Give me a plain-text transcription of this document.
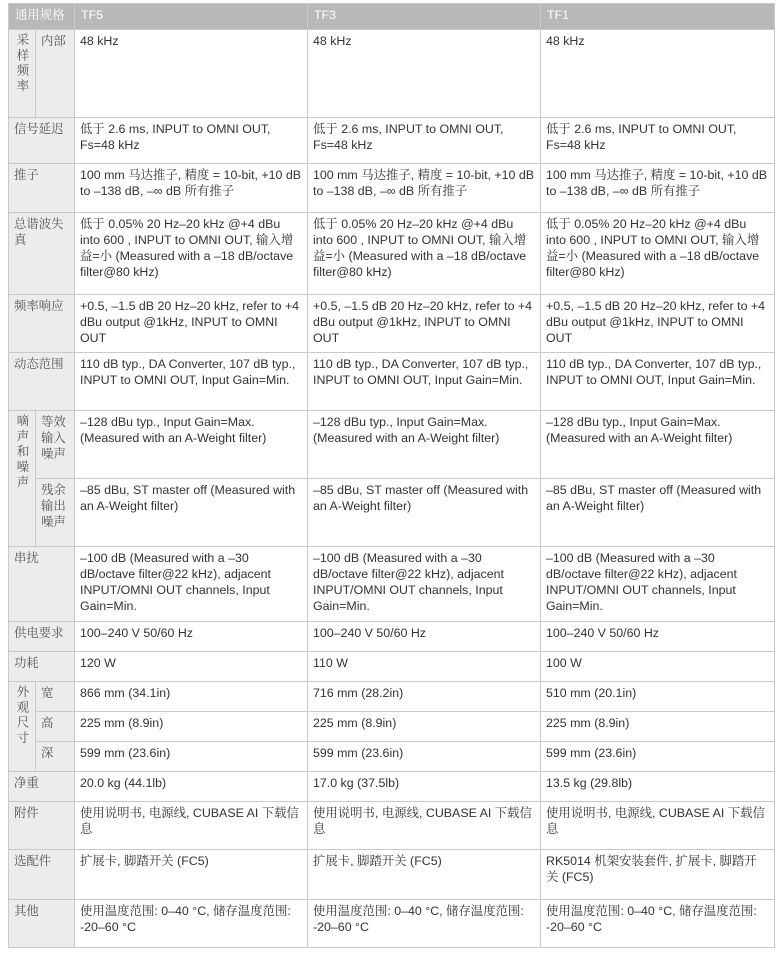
通用规格		TF5	TF3	TF1
采样频率	内部	48 kHz	48 kHz	48 kHz
信号延迟		低于 2.6 ms, INPUT to OMNI OUT, Fs=48 kHz	低于 2.6 ms, INPUT to OMNI OUT, Fs=48 kHz	低于 2.6 ms, INPUT to OMNI OUT, Fs=48 kHz
推子		100 mm 马达推子, 精度 = 10-bit, +10 dB to –138 dB, –∞ dB 所有推子	100 mm 马达推子, 精度 = 10-bit, +10 dB to –138 dB, –∞ dB 所有推子	100 mm 马达推子, 精度 = 10-bit, +10 dB to –138 dB, –∞ dB 所有推子
总谐波失真		低于 0.05% 20 Hz–20 kHz @+4 dBu into 600 , INPUT to OMNI OUT, 输入增益=小 (Measured with a –18 dB/octave filter@80 kHz)	低于 0.05% 20 Hz–20 kHz @+4 dBu into 600 , INPUT to OMNI OUT, 输入增益=小 (Measured with a –18 dB/octave filter@80 kHz)	低于 0.05% 20 Hz–20 kHz @+4 dBu into 600 , INPUT to OMNI OUT, 输入增益=小 (Measured with a –18 dB/octave filter@80 kHz)
频率响应		+0.5, –1.5 dB 20 Hz–20 kHz, refer to +4 dBu output @1kHz, INPUT to OMNI OUT	+0.5, –1.5 dB 20 Hz–20 kHz, refer to +4 dBu output @1kHz, INPUT to OMNI OUT	+0.5, –1.5 dB 20 Hz–20 kHz, refer to +4 dBu output @1kHz, INPUT to OMNI OUT
动态范围		110 dB typ., DA Converter, 107 dB typ., INPUT to OMNI OUT, Input Gain=Min.	110 dB typ., DA Converter, 107 dB typ., INPUT to OMNI OUT, Input Gain=Min.	110 dB typ., DA Converter, 107 dB typ., INPUT to OMNI OUT, Input Gain=Min.
嘀声和噪声	等效输入噪声	–128 dBu typ., Input Gain=Max. (Measured with an A-Weight filter)	–128 dBu typ., Input Gain=Max. (Measured with an A-Weight filter)	–128 dBu typ., Input Gain=Max. (Measured with an A-Weight filter)
	残余输出噪声	–85 dBu, ST master off (Measured with an A-Weight filter)	–85 dBu, ST master off (Measured with an A-Weight filter)	–85 dBu, ST master off (Measured with an A-Weight filter)
串扰		–100 dB (Measured with a –30 dB/octave filter@22 kHz), adjacent INPUT/OMNI OUT channels, Input Gain=Min.	–100 dB (Measured with a –30 dB/octave filter@22 kHz), adjacent INPUT/OMNI OUT channels, Input Gain=Min.	–100 dB (Measured with a –30 dB/octave filter@22 kHz), adjacent INPUT/OMNI OUT channels, Input Gain=Min.
供电要求		100–240 V 50/60 Hz	100–240 V 50/60 Hz	100–240 V 50/60 Hz
功耗		120 W	110 W	100 W
外观尺寸	宽	866 mm (34.1in)	716 mm (28.2in)	510 mm (20.1in)
	高	225 mm (8.9in)	225 mm (8.9in)	225 mm (8.9in)
	深	599 mm (23.6in)	599 mm (23.6in)	599 mm (23.6in)
净重		20.0 kg (44.1lb)	17.0 kg (37.5lb)	13.5 kg (29.8lb)
附件		使用说明书, 电源线, CUBASE AI 下载信息	使用说明书, 电源线, CUBASE AI 下载信息	使用说明书, 电源线, CUBASE AI 下载信息
选配件		扩展卡, 脚踏开关 (FC5)	扩展卡, 脚踏开关 (FC5)	RK5014 机架安装套件, 扩展卡, 脚踏开关 (FC5)
其他		使用温度范围: 0–40 °C, 储存温度范围: -20–60 °C	使用温度范围: 0–40 °C, 储存温度范围: -20–60 °C	使用温度范围: 0–40 °C, 储存温度范围: -20–60 °C
